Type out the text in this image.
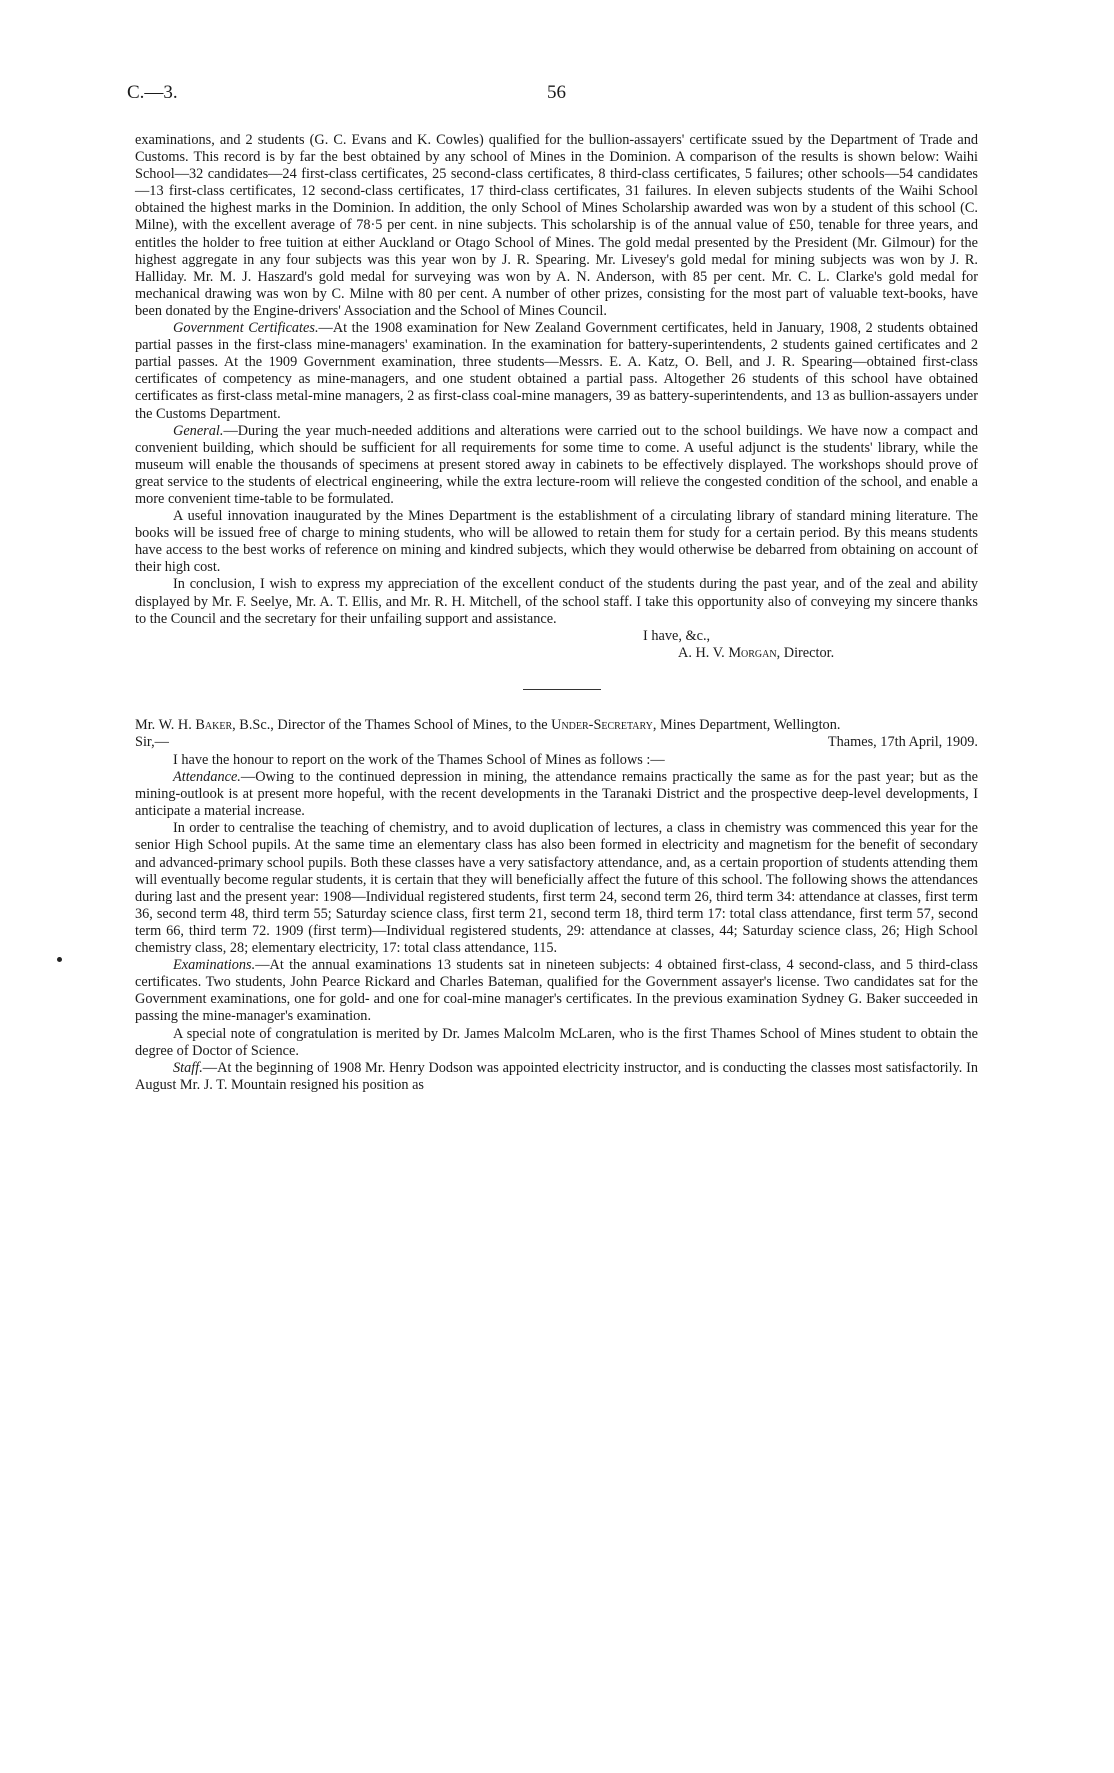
C.—3.	56

examinations, and 2 students (G. C. Evans and K. Cowles) qualified for the bullion-assayers' certificate ssued by the Department of Trade and Customs. This record is by far the best obtained by any school of Mines in the Dominion. A comparison of the results is shown below: Waihi School—32 candidates—24 first-class certificates, 25 second-class certificates, 8 third-class certificates, 5 failures; other schools—54 candidates—13 first-class certificates, 12 second-class certificates, 17 third-class certificates, 31 failures. In eleven subjects students of the Waihi School obtained the highest marks in the Dominion. In addition, the only School of Mines Scholarship awarded was won by a student of this school (C. Milne), with the excellent average of 78·5 per cent. in nine subjects. This scholarship is of the annual value of £50, tenable for three years, and entitles the holder to free tuition at either Auckland or Otago School of Mines. The gold medal presented by the President (Mr. Gilmour) for the highest aggregate in any four subjects was this year won by J. R. Spearing. Mr. Livesey's gold medal for mining subjects was won by J. R. Halliday. Mr. M. J. Haszard's gold medal for surveying was won by A. N. Anderson, with 85 per cent. Mr. C. L. Clarke's gold medal for mechanical drawing was won by C. Milne with 80 per cent. A number of other prizes, consisting for the most part of valuable text-books, have been donated by the Engine-drivers' Association and the School of Mines Council.

Government Certificates.—At the 1908 examination for New Zealand Government certificates, held in January, 1908, 2 students obtained partial passes in the first-class mine-managers' examination. In the examination for battery-superintendents, 2 students gained certificates and 2 partial passes. At the 1909 Government examination, three students—Messrs. E. A. Katz, O. Bell, and J. R. Spearing—obtained first-class certificates of competency as mine-managers, and one student obtained a partial pass. Altogether 26 students of this school have obtained certificates as first-class metal-mine managers, 2 as first-class coal-mine managers, 39 as battery-superintendents, and 13 as bullion-assayers under the Customs Department.

General.—During the year much-needed additions and alterations were carried out to the school buildings. We have now a compact and convenient building, which should be sufficient for all requirements for some time to come. A useful adjunct is the students' library, while the museum will enable the thousands of specimens at present stored away in cabinets to be effectively displayed. The workshops should prove of great service to the students of electrical engineering, while the extra lecture-room will relieve the congested condition of the school, and enable a more convenient time-table to be formulated.

A useful innovation inaugurated by the Mines Department is the establishment of a circulating library of standard mining literature. The books will be issued free of charge to mining students, who will be allowed to retain them for study for a certain period. By this means students have access to the best works of reference on mining and kindred subjects, which they would otherwise be debarred from obtaining on account of their high cost.

In conclusion, I wish to express my appreciation of the excellent conduct of the students during the past year, and of the zeal and ability displayed by Mr. F. Seelye, Mr. A. T. Ellis, and Mr. R. H. Mitchell, of the school staff. I take this opportunity also of conveying my sincere thanks to the Council and the secretary for their unfailing support and assistance.

I have, &c.,
A. H. V. Morgan, Director.

Mr. W. H. Baker, B.Sc., Director of the Thames School of Mines, to the Under-Secretary, Mines Department, Wellington.

Sir,—	Thames, 17th April, 1909.

I have the honour to report on the work of the Thames School of Mines as follows :—

Attendance.—Owing to the continued depression in mining, the attendance remains practically the same as for the past year; but as the mining-outlook is at present more hopeful, with the recent developments in the Taranaki District and the prospective deep-level developments, I anticipate a material increase.

In order to centralise the teaching of chemistry, and to avoid duplication of lectures, a class in chemistry was commenced this year for the senior High School pupils. At the same time an elementary class has also been formed in electricity and magnetism for the benefit of secondary and advanced-primary school pupils. Both these classes have a very satisfactory attendance, and, as a certain proportion of students attending them will eventually become regular students, it is certain that they will beneficially affect the future of this school. The following shows the attendances during last and the present year: 1908—Individual registered students, first term 24, second term 26, third term 34: attendance at classes, first term 36, second term 48, third term 55; Saturday science class, first term 21, second term 18, third term 17: total class attendance, first term 57, second term 66, third term 72. 1909 (first term)—Individual registered students, 29: attendance at classes, 44; Saturday science class, 26; High School chemistry class, 28; elementary electricity, 17: total class attendance, 115.

Examinations.—At the annual examinations 13 students sat in nineteen subjects: 4 obtained first-class, 4 second-class, and 5 third-class certificates. Two students, John Pearce Rickard and Charles Bateman, qualified for the Government assayer's license. Two candidates sat for the Government examinations, one for gold- and one for coal-mine manager's certificates. In the previous examination Sydney G. Baker succeeded in passing the mine-manager's examination.

A special note of congratulation is merited by Dr. James Malcolm McLaren, who is the first Thames School of Mines student to obtain the degree of Doctor of Science.

Staff.—At the beginning of 1908 Mr. Henry Dodson was appointed electricity instructor, and is conducting the classes most satisfactorily. In August Mr. J. T. Mountain resigned his position as
